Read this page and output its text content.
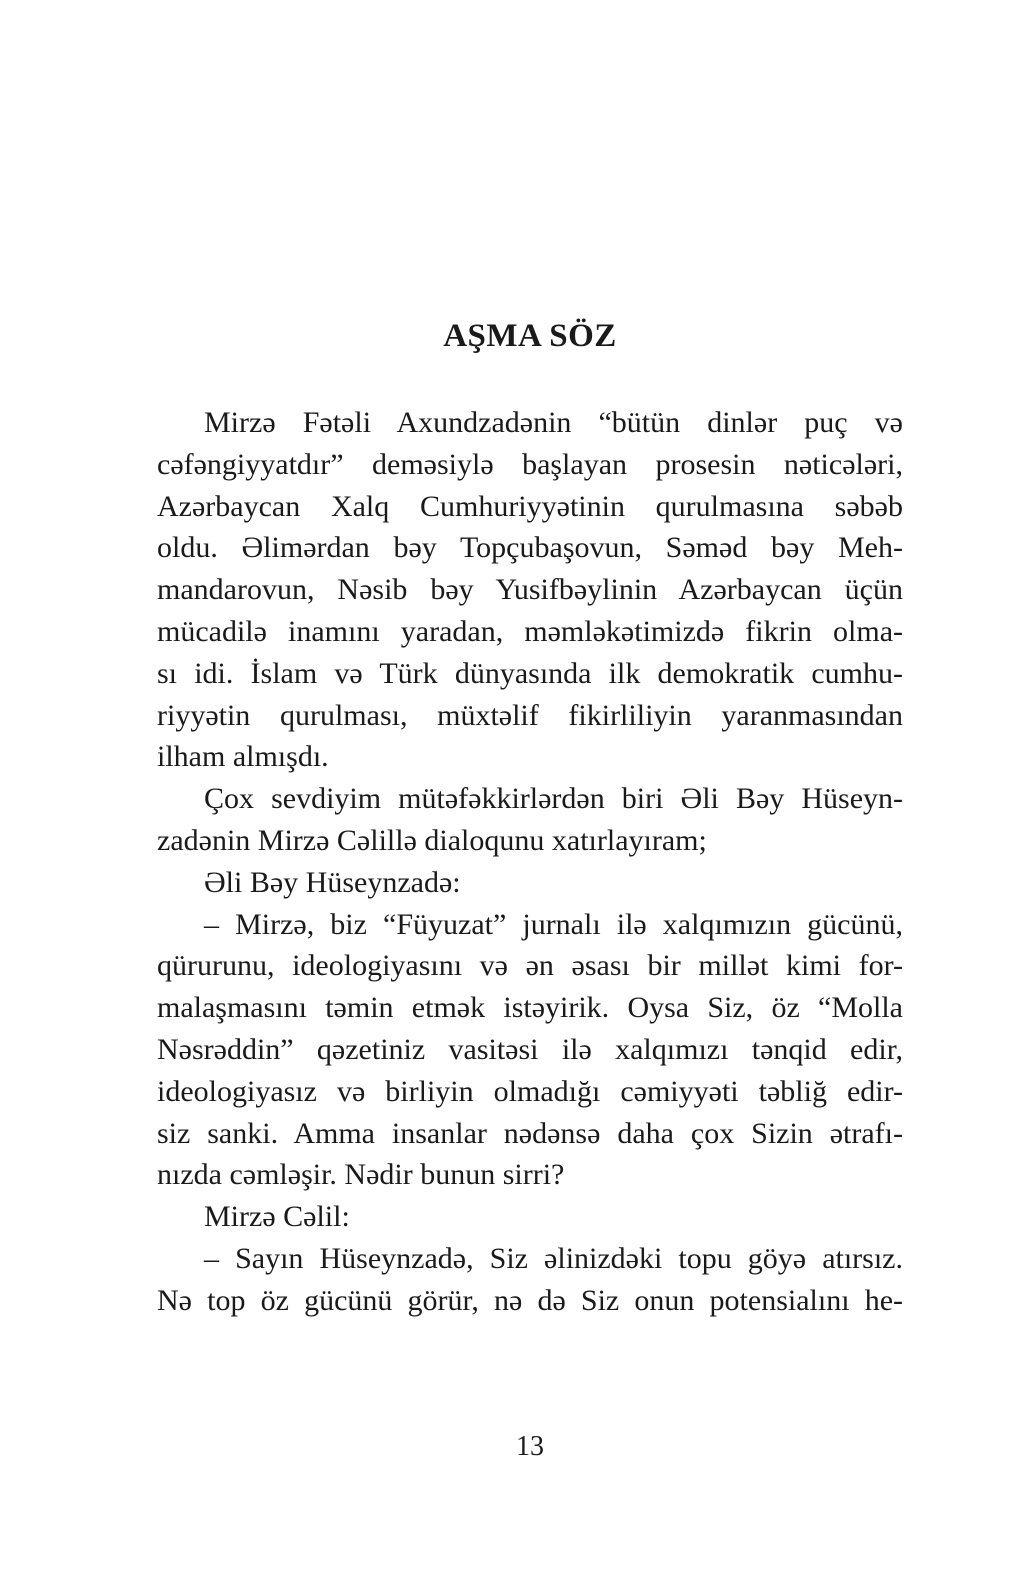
AŞMA SÖZ
Mirzə Fətəli Axundzadənin “bütün dinlər puç və
cəfəngiyyatdır” deməsiylə başlayan prosesin nəticələri,
Azərbaycan Xalq Cumhuriyyətinin qurulmasına səbəb
oldu. Əlimərdan bəy Topçubaşovun, Səməd bəy Meh-
mandarovun, Nəsib bəy Yusifbəylinin Azərbaycan üçün
mücadilə inamını yaradan, məmləkətimizdə fikrin olma-
sı idi. İslam və Türk dünyasında ilk demokratik cumhu-
riyyətin qurulması, müxtəlif fikirliliyin yaranmasından
ilham almışdı.
Çox sevdiyim mütəfəkkirlərdən biri Əli Bəy Hüseyn-
zadənin Mirzə Cəlillə dialoqunu xatırlayıram;
Əli Bəy Hüseynzadə:
– Mirzə, biz “Füyuzat” jurnalı ilə xalqımızın gücünü,
qürurunu, ideologiyasını və ən əsası bir millət kimi for-
malaşmasını təmin etmək istəyirik. Oysa Siz, öz “Molla
Nəsrəddin” qəzetiniz vasitəsi ilə xalqımızı tənqid edir,
ideologiyasız və birliyin olmadığı cəmiyyəti təbliğ edir-
siz sanki. Amma insanlar nədənsə daha çox Sizin ətrafı-
nızda cəmləşir. Nədir bunun sirri?
Mirzə Cəlil:
– Sayın Hüseynzadə, Siz əlinizdəki topu göyə atırsız.
Nə top öz gücünü görür, nə də Siz onun potensialını he-
13
